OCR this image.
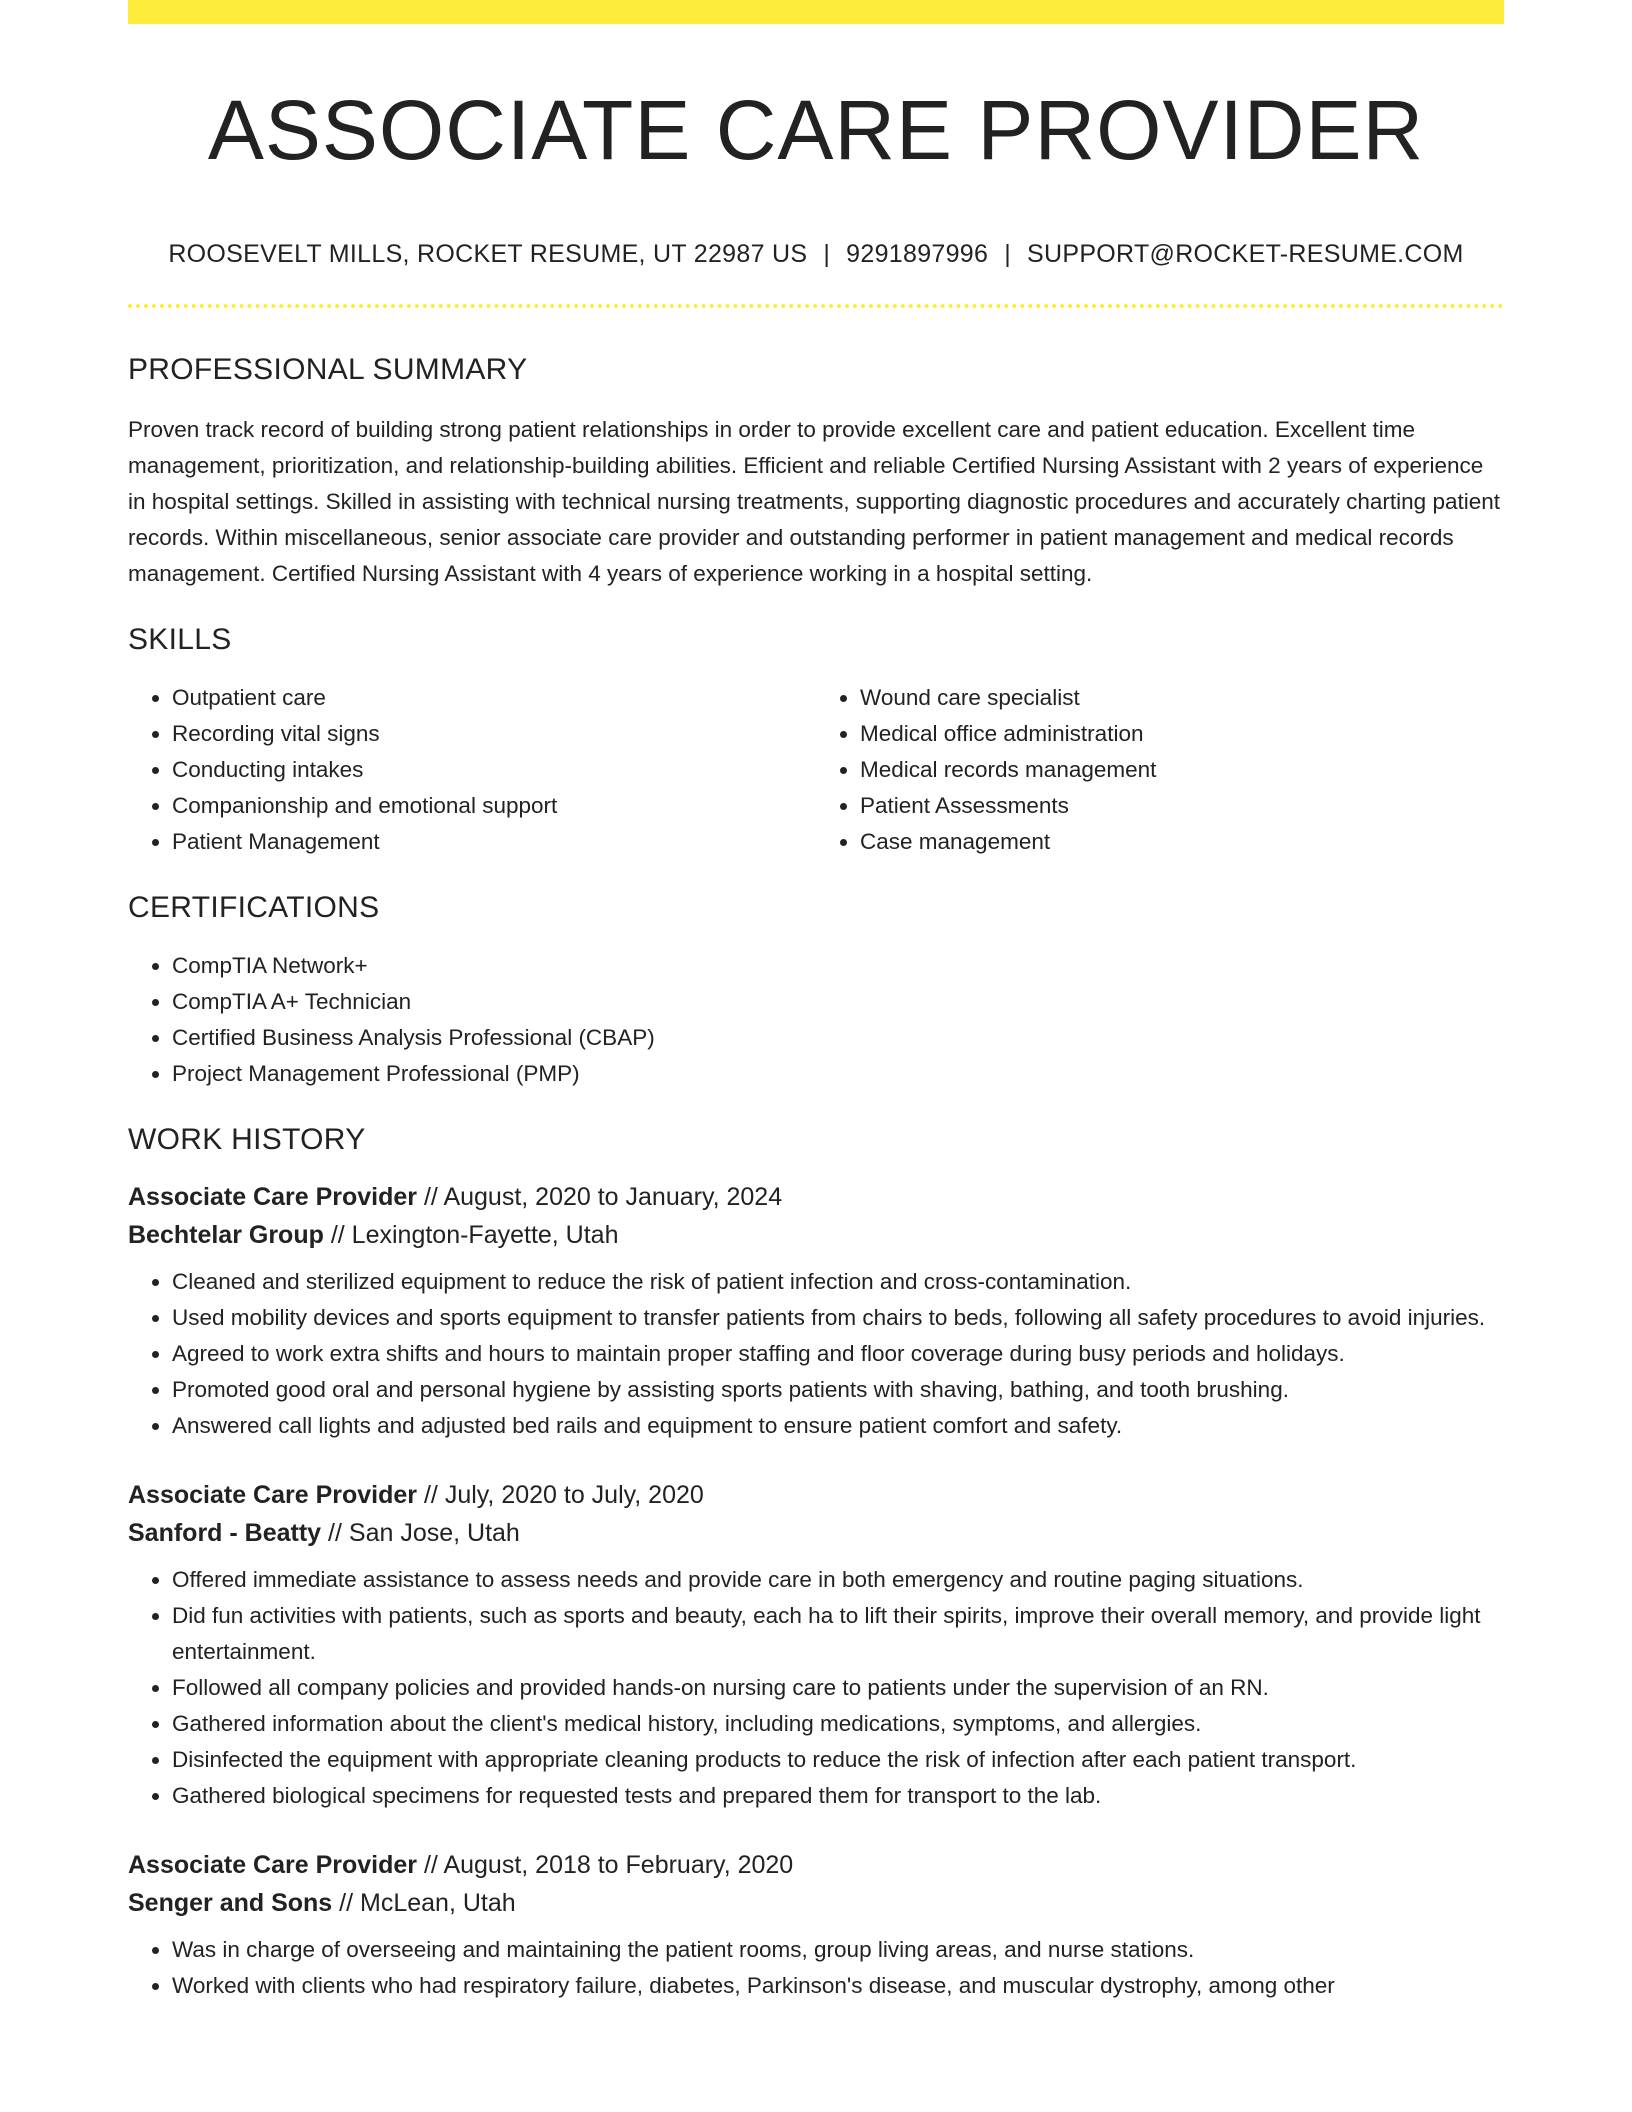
ASSOCIATE CARE PROVIDER
ROOSEVELT MILLS, ROCKET RESUME, UT 22987 US | 9291897996 | SUPPORT@ROCKET-RESUME.COM
PROFESSIONAL SUMMARY
Proven track record of building strong patient relationships in order to provide excellent care and patient education. Excellent time management, prioritization, and relationship-building abilities. Efficient and reliable Certified Nursing Assistant with 2 years of experience in hospital settings. Skilled in assisting with technical nursing treatments, supporting diagnostic procedures and accurately charting patient records. Within miscellaneous, senior associate care provider and outstanding performer in patient management and medical records management. Certified Nursing Assistant with 4 years of experience working in a hospital setting.
SKILLS
• Outpatient care
• Recording vital signs
• Conducting intakes
• Companionship and emotional support
• Patient Management
• Wound care specialist
• Medical office administration
• Medical records management
• Patient Assessments
• Case management
CERTIFICATIONS
• CompTIA Network+
• CompTIA A+ Technician
• Certified Business Analysis Professional (CBAP)
• Project Management Professional (PMP)
WORK HISTORY
Associate Care Provider // August, 2020 to January, 2024
Bechtelar Group // Lexington-Fayette, Utah
• Cleaned and sterilized equipment to reduce the risk of patient infection and cross-contamination.
• Used mobility devices and sports equipment to transfer patients from chairs to beds, following all safety procedures to avoid injuries.
• Agreed to work extra shifts and hours to maintain proper staffing and floor coverage during busy periods and holidays.
• Promoted good oral and personal hygiene by assisting sports patients with shaving, bathing, and tooth brushing.
• Answered call lights and adjusted bed rails and equipment to ensure patient comfort and safety.
Associate Care Provider // July, 2020 to July, 2020
Sanford - Beatty // San Jose, Utah
• Offered immediate assistance to assess needs and provide care in both emergency and routine paging situations.
• Did fun activities with patients, such as sports and beauty, each ha to lift their spirits, improve their overall memory, and provide light entertainment.
• Followed all company policies and provided hands-on nursing care to patients under the supervision of an RN.
• Gathered information about the client's medical history, including medications, symptoms, and allergies.
• Disinfected the equipment with appropriate cleaning products to reduce the risk of infection after each patient transport.
• Gathered biological specimens for requested tests and prepared them for transport to the lab.
Associate Care Provider // August, 2018 to February, 2020
Senger and Sons // McLean, Utah
• Was in charge of overseeing and maintaining the patient rooms, group living areas, and nurse stations.
• Worked with clients who had respiratory failure, diabetes, Parkinson's disease, and muscular dystrophy, among other
